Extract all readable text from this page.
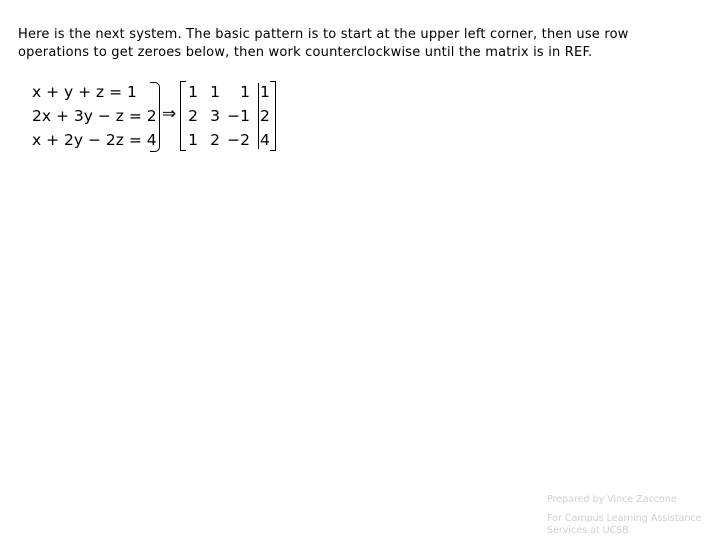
Here is the next system. The basic pattern is to start at the upper left corner, then use row
operations to get zeroes below, then work counterclockwise until the matrix is in REF.
x + y + z = 1
2x + 3y − z = 2
x + 2y − 2z = 4
⇒
1 1	1 1
2 3 −1 2
1 2 −2 4
Prepared by Vince Zaccone
For Campus Learning Assistance Services at UCSB
